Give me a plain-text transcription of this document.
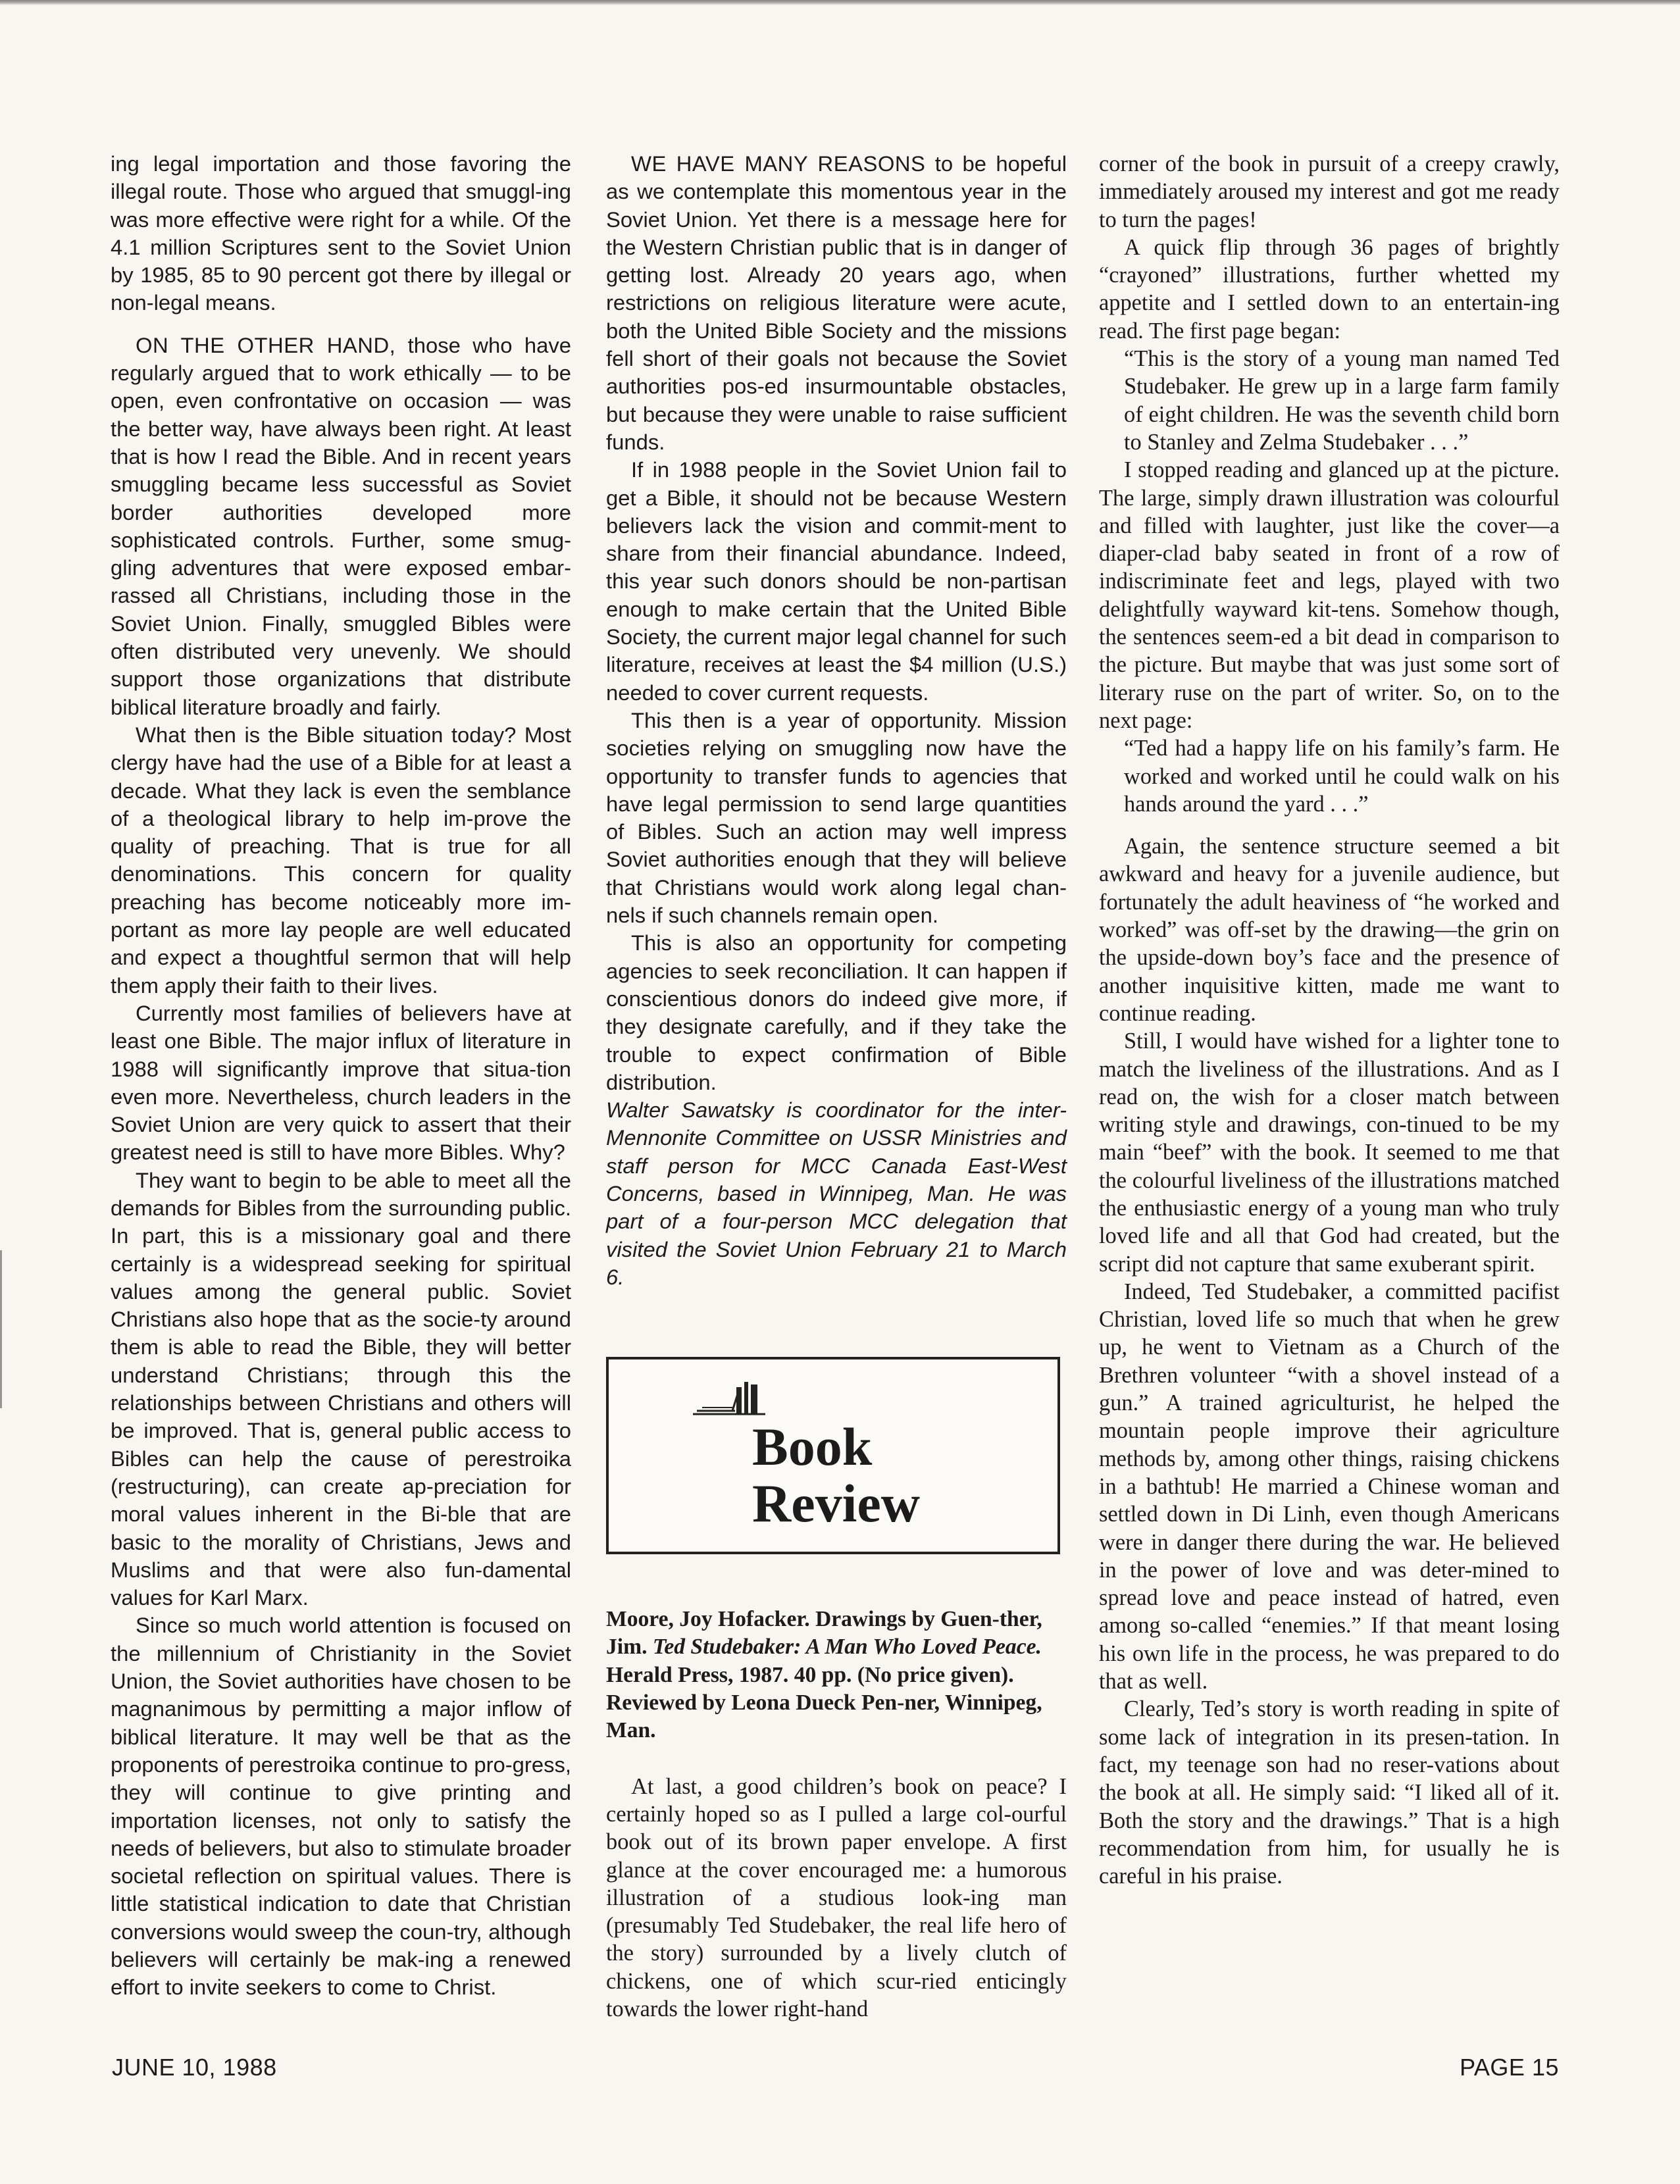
ing legal importation and those favoring the illegal route. Those who argued that smuggl-ing was more effective were right for a while. Of the 4.1 million Scriptures sent to the Soviet Union by 1985, 85 to 90 percent got there by illegal or non-legal means.

ON THE OTHER HAND, those who have regularly argued that to work ethically — to be open, even confrontative on occasion — was the better way, have always been right. At least that is how I read the Bible. And in recent years smuggling became less successful as Soviet border authorities developed more sophisticated controls. Further, some smug-gling adventures that were exposed embar-rassed all Christians, including those in the Soviet Union. Finally, smuggled Bibles were often distributed very unevenly. We should support those organizations that distribute biblical literature broadly and fairly.

What then is the Bible situation today? Most clergy have had the use of a Bible for at least a decade. What they lack is even the semblance of a theological library to help im-prove the quality of preaching. That is true for all denominations. This concern for quality preaching has become noticeably more im-portant as more lay people are well educated and expect a thoughtful sermon that will help them apply their faith to their lives.

Currently most families of believers have at least one Bible. The major influx of literature in 1988 will significantly improve that situa-tion even more. Nevertheless, church leaders in the Soviet Union are very quick to assert that their greatest need is still to have more Bibles. Why?

They want to begin to be able to meet all the demands for Bibles from the surrounding public. In part, this is a missionary goal and there certainly is a widespread seeking for spiritual values among the general public. Soviet Christians also hope that as the socie-ty around them is able to read the Bible, they will better understand Christians; through this the relationships between Christians and others will be improved. That is, general public access to Bibles can help the cause of perestroika (restructuring), can create ap-preciation for moral values inherent in the Bi-ble that are basic to the morality of Christians, Jews and Muslims and that were also fun-damental values for Karl Marx.

Since so much world attention is focused on the millennium of Christianity in the Soviet Union, the Soviet authorities have chosen to be magnanimous by permitting a major inflow of biblical literature. It may well be that as the proponents of perestroika continue to pro-gress, they will continue to give printing and importation licenses, not only to satisfy the needs of believers, but also to stimulate broader societal reflection on spiritual values. There is little statistical indication to date that Christian conversions would sweep the coun-try, although believers will certainly be mak-ing a renewed effort to invite seekers to come to Christ.

WE HAVE MANY REASONS to be hopeful as we contemplate this momentous year in the Soviet Union. Yet there is a message here for the Western Christian public that is in danger of getting lost. Already 20 years ago, when restrictions on religious literature were acute, both the United Bible Society and the missions fell short of their goals not because the Soviet authorities pos-ed insurmountable obstacles, but because they were unable to raise sufficient funds.

If in 1988 people in the Soviet Union fail to get a Bible, it should not be because Western believers lack the vision and commit-ment to share from their financial abundance. Indeed, this year such donors should be non-partisan enough to make certain that the United Bible Society, the current major legal channel for such literature, receives at least the $4 million (U.S.) needed to cover current requests.

This then is a year of opportunity. Mission societies relying on smuggling now have the opportunity to transfer funds to agencies that have legal permission to send large quantities of Bibles. Such an action may well impress Soviet authorities enough that they will believe that Christians would work along legal chan-nels if such channels remain open.

This is also an opportunity for competing agencies to seek reconciliation. It can happen if conscientious donors do indeed give more, if they designate carefully, and if they take the trouble to expect confirmation of Bible distribution.

Walter Sawatsky is coordinator for the inter-Mennonite Committee on USSR Ministries and staff person for MCC Canada East-West Concerns, based in Winnipeg, Man. He was part of a four-person MCC delegation that visited the Soviet Union February 21 to March 6.

Book
Review

Moore, Joy Hofacker. Drawings by Guen-ther, Jim. Ted Studebaker: A Man Who Loved Peace. Herald Press, 1987. 40 pp. (No price given). Reviewed by Leona Dueck Pen-ner, Winnipeg, Man.

At last, a good children’s book on peace? I certainly hoped so as I pulled a large col-ourful book out of its brown paper envelope. A first glance at the cover encouraged me: a humorous illustration of a studious look-ing man (presumably Ted Studebaker, the real life hero of the story) surrounded by a lively clutch of chickens, one of which scur-ried enticingly towards the lower right-hand

corner of the book in pursuit of a creepy crawly, immediately aroused my interest and got me ready to turn the pages!

A quick flip through 36 pages of brightly “crayoned” illustrations, further whetted my appetite and I settled down to an entertain-ing read. The first page began:

“This is the story of a young man named Ted Studebaker. He grew up in a large farm family of eight children. He was the seventh child born to Stanley and Zelma Studebaker . . .”

I stopped reading and glanced up at the picture. The large, simply drawn illustration was colourful and filled with laughter, just like the cover—a diaper-clad baby seated in front of a row of indiscriminate feet and legs, played with two delightfully wayward kit-tens. Somehow though, the sentences seem-ed a bit dead in comparison to the picture. But maybe that was just some sort of literary ruse on the part of writer. So, on to the next page:

“Ted had a happy life on his family’s farm. He worked and worked until he could walk on his hands around the yard . . .”

Again, the sentence structure seemed a bit awkward and heavy for a juvenile audience, but fortunately the adult heaviness of “he worked and worked” was off-set by the drawing—the grin on the upside-down boy’s face and the presence of another inquisitive kitten, made me want to continue reading.

Still, I would have wished for a lighter tone to match the liveliness of the illustrations. And as I read on, the wish for a closer match between writing style and drawings, con-tinued to be my main “beef” with the book. It seemed to me that the colourful liveliness of the illustrations matched the enthusiastic energy of a young man who truly loved life and all that God had created, but the script did not capture that same exuberant spirit.

Indeed, Ted Studebaker, a committed pacifist Christian, loved life so much that when he grew up, he went to Vietnam as a Church of the Brethren volunteer “with a shovel instead of a gun.” A trained agriculturist, he helped the mountain people improve their agriculture methods by, among other things, raising chickens in a bathtub! He married a Chinese woman and settled down in Di Linh, even though Americans were in danger there during the war. He believed in the power of love and was deter-mined to spread love and peace instead of hatred, even among so-called “enemies.” If that meant losing his own life in the process, he was prepared to do that as well.

Clearly, Ted’s story is worth reading in spite of some lack of integration in its presen-tation. In fact, my teenage son had no reser-vations about the book at all. He simply said: “I liked all of it. Both the story and the drawings.” That is a high recommendation from him, for usually he is careful in his praise.

JUNE 10, 1988	PAGE 15
